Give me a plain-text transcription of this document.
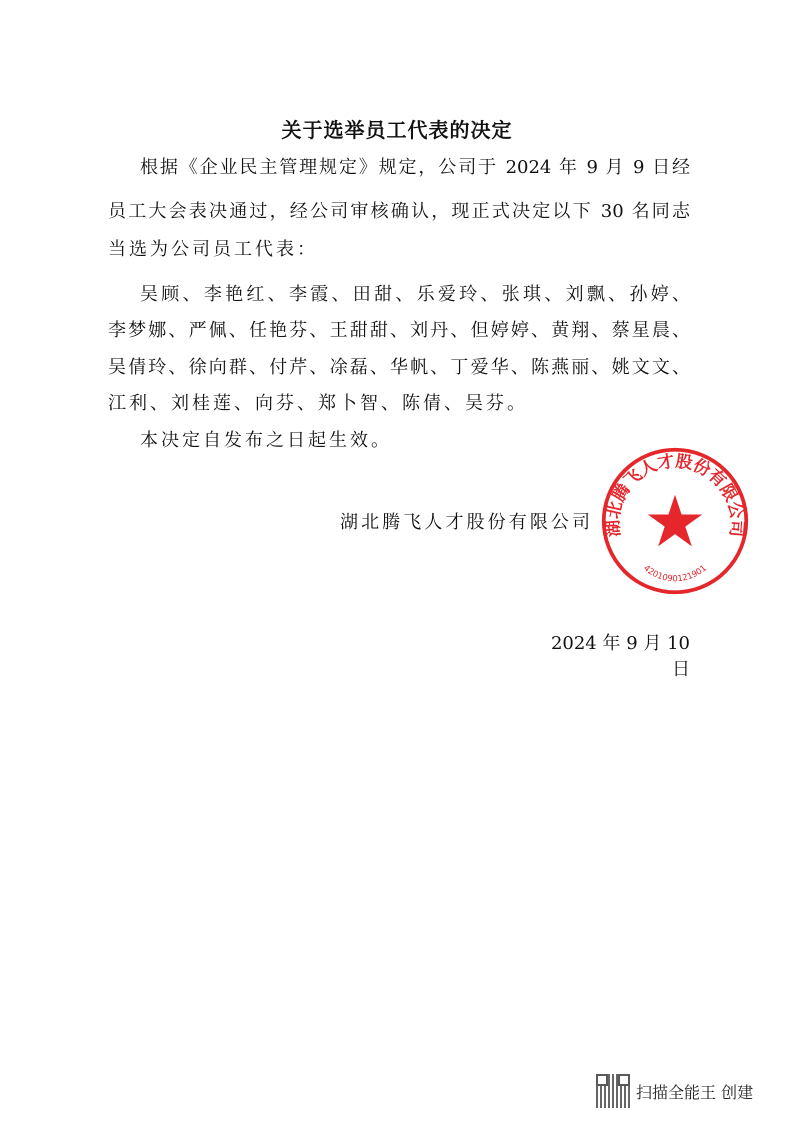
关于选举员工代表的决定
根据《企业民主管理规定》规定，公司于 2024 年 9 月 9 日经
员工大会表决通过，经公司审核确认，现正式决定以下 30 名同志
当选为公司员工代表：
吴顾、李艳红、李霞、田甜、乐爱玲、张琪、刘飘、孙婷、
李梦娜、严佩、任艳芬、王甜甜、刘丹、但婷婷、黄翔、蔡星晨、
吴倩玲、徐向群、付芹、凃磊、华帆、丁爱华、陈燕丽、姚文文、
江利、刘桂莲、向芬、郑卜智、陈倩、吴芬。
本决定自发布之日起生效。
湖北腾飞人才股份有限公司 湖北腾飞人才股份有限公司
4201090121901
2024 年 9 月 10 日
扫描全能王 创建
